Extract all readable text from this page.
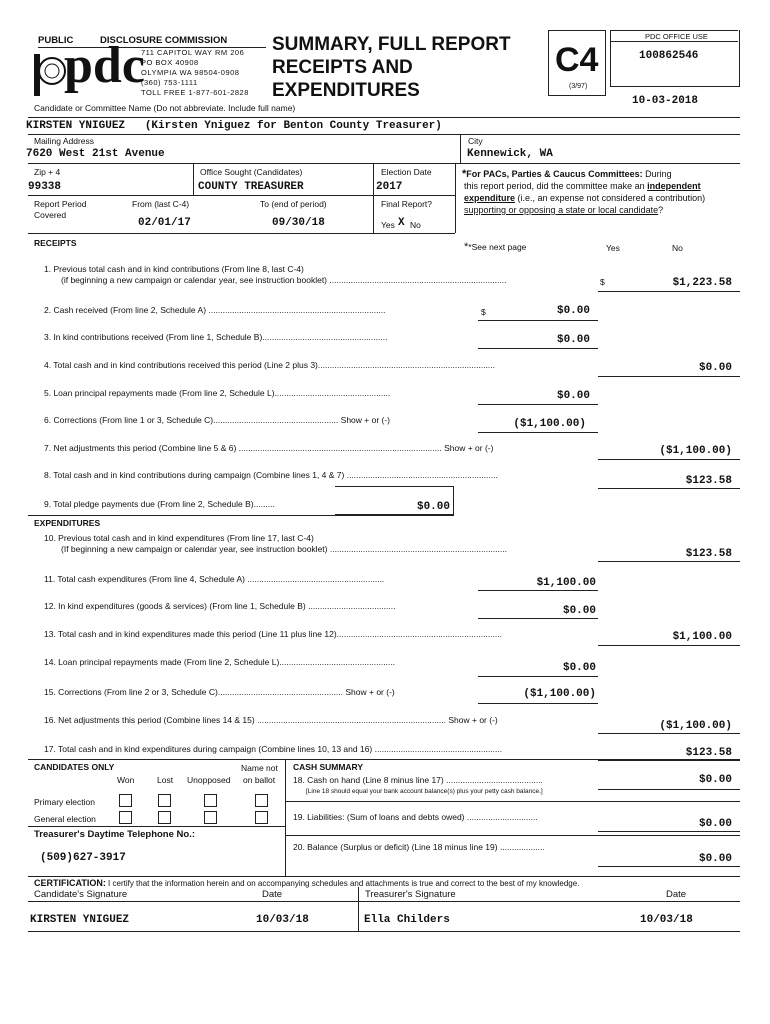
PUBLIC	DISCLOSURE COMMISSION
pdc
711 CAPITOL WAY RM 206
PO BOX 40908
OLYMPIA WA 98504-0908
(360) 753-1111
TOLL FREE 1-877-601-2828
SUMMARY, FULL REPORT
RECEIPTS AND
EXPENDITURES
C4
(3/97)
PDC OFFICE USE
100862546
10-03-2018
Candidate or Committee Name (Do not abbreviate. Include full name)
KIRSTEN YNIGUEZ   (Kirsten Yniguez for Benton County Treasurer)
Mailing Address	City
7620 West 21st Avenue	Kennewick, WA
Zip + 4
99338
Office Sought (Candidates)
COUNTY TREASURER
Election Date
2017
Report Period
Covered
From (last C-4)	To (end of period)	Final Report?
02/01/17	09/30/18	Yes X No
*For PACs, Parties & Caucus Committees: During
this report period, did the committee make an independent
expenditure (i.e., an expense not considered a contribution)
supporting or opposing a state or local candidate?
RECEIPTS	**See next page	Yes	No
1. Previous total cash and in kind contributions (From line 8, last C-4)
(if beginning a new campaign or calendar year, see instruction booklet) ...........................................................................	$	$1,223.58
2. Cash received (From line 2, Schedule A) ...........................................................................	$	$0.00
3. In kind contributions received (From line 1, Schedule B).....................................................	$0.00
4. Total cash and in kind contributions received this period (Line 2 plus 3)...........................................................................	$0.00
5. Loan principal repayments made (From line 2, Schedule L).................................................	$0.00
6. Corrections (From line 1 or 3, Schedule C)..................................................... Show + or (-)	($1,100.00)
7. Net adjustments this period (Combine line 5 & 6) ...................................................................................... Show + or (-)	($1,100.00)
8. Total cash and in kind contributions during campaign (Combine lines 1, 4 & 7) ................................................................	$123.58
9. Total pledge payments due (From line 2, Schedule B).........	$0.00
EXPENDITURES
10. Previous total cash and in kind expenditures (From line 17, last C-4)
(If beginning a new campaign or calendar year, see instruction booklet) ...........................................................................	$123.58
11. Total cash expenditures (From line 4, Schedule A) ..........................................................	$1,100.00
12. In kind expenditures (goods & services) (From line 1, Schedule B) .....................................	$0.00
13. Total cash and in kind expenditures made this period (Line 11 plus line 12)......................................................................	$1,100.00
14. Loan principal repayments made (From line 2, Schedule L).................................................	$0.00
15. Corrections (From line 2 or 3, Schedule C)..................................................... Show + or (-)	($1,100.00)
16. Net adjustments this period (Combine lines 14 & 15) ................................................................................ Show + or (-)	($1,100.00)
17. Total cash and in kind expenditures during campaign (Combine lines 10, 13 and 16) ......................................................	$123.58
CANDIDATES ONLY	Name not
Won	Lost Unopposed on ballot
Primary election
General election
Treasurer's Daytime Telephone No.:
(509)627-3917
CASH SUMMARY
18. Cash on hand (Line 8 minus line 17) .........................................
[Line 18 should equal your bank account balance(s) plus your petty cash balance.]
$0.00
19. Liabilities: (Sum of loans and debts owed) ..............................
$0.00
20. Balance (Surplus or deficit) (Line 18 minus line 19) ...................
$0.00
CERTIFICATION: I certify that the information herein and on accompanying schedules and attachments is true and correct to the best of my knowledge.
Candidate's Signature	Date	Treasurer's Signature	Date
KIRSTEN YNIGUEZ	10/03/18	Ella Childers	10/03/18
